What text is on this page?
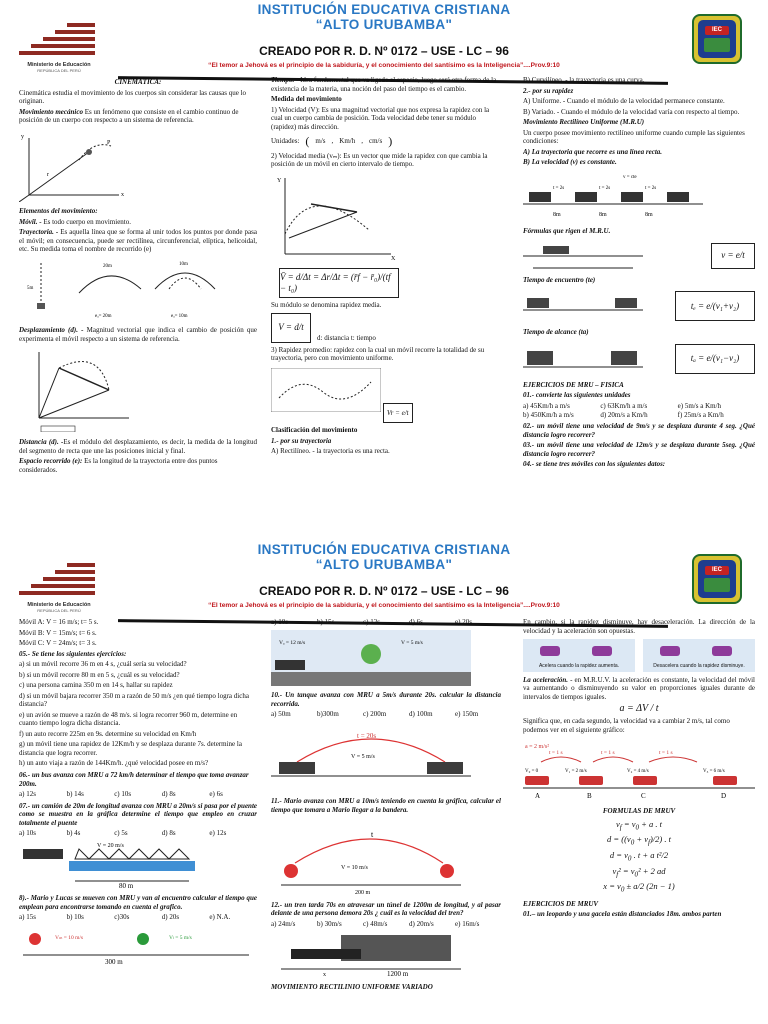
Ministerio de Educación
REPÚBLICA DEL PERÚ
INSTITUCIÓN EDUCATIVA CRISTIANA
“ALTO URUBAMBA"	IEC
CREADO POR R. D. Nº 0172 – USE - LC – 96
“El temor a Jehová es el principio de la sabiduría, y el conocimiento del santísimo es la Inteligencia”....Prov.9:10

CINEMÁTICA:

Cinemática estudia el movimiento de los cuerpos sin considerar las causas que lo originan.

Movimiento mecánico Es un fenómeno que consiste en el cambio continuo de posición de un cuerpo con respecto a un sistema de referencia.

r
y
x
P

Elementos del movimiento:

Móvil. - Es todo cuerpo en movimiento.

Trayectoria. - Es aquella línea que se forma al unir todos los puntos por donde pasa el móvil; en consecuencia, puede ser rectilínea, circunferencial, elíptica, helicoidal, etc. Su medida toma el nombre de recorrido (e)

5m
20m	10m
eₐ= 20m	eₐ= 10m

Desplazamiento (d). - Magnitud vectorial que indica el cambio de posición que experimenta el móvil respecto a un sistema de referencia.

Distancia (d). -Es el módulo del desplazamiento, es decir, la medida de la longitud del segmento de recta que une las posiciones inicial y final.

Espacio recorrido (e): Es la longitud de la trayectoria entre dos puntos considerados.

Tiempo. - Idea fundamental que va ligado al espacio, luego será otra forma de la existencia de la materia, una noción del paso del tiempo es el cambio.

Medida del movimiento

1) Velocidad (V): Es una magnitud vectorial que nos expresa la rapidez con la cual un cuerpo cambia de posición. Toda velocidad debe tener su módulo (rapidez) más dirección.

Unidades: ( m/s , Km/h , cm/s )

2) Velocidad media (vₘ): Es un vector que mide la rapidez con que cambia la posición de un móvil en cierto intervalo de tiempo.

X
Y
V̄ = d/Δt = Δr/Δt = (r̄f − r̄₀)/(tf − t₀)

Su módulo se denomina rapidez media.

V = d/t
d: distancia t: tiempo

3) Rapidez promedio: rapidez con la cual un móvil recorre la totalidad de su trayectoria, pero con movimiento uniforme.

Vr = e/t

Clasificación del movimiento

1.- por su trayectoria

A) Rectilíneo. - la trayectoria es una recta.

B) Curvilíneo. - la trayectoria es una curva.

2.- por su rapidez

A) Uniforme. - Cuando el módulo de la velocidad permanece constante.

B) Variado. - Cuando el módulo de la velocidad varía con respecto al tiempo.

Movimiento Rectilíneo Uniforme (M.R.U)

Un cuerpo posee movimiento rectilíneo uniforme cuando cumple las siguientes condiciones:

A) La trayectoria que recorre es una línea recta.

B) La velocidad (v) es constante.

v = cte
t = 2s	t = 2s	t = 2s
8m	8m	8m

Fórmulas que rigen el M.R.U.

v = e/t

Tiempo de encuentro (te)

tₑ = e/(v₁+v₂)

Tiempo de alcance (ta)

tₐ = e/(v₁−v₂)

EJERCICIOS DE MRU – FISICA

01.- convierte las siguientes unidades

a) 45Km/h a m/s	c) 63Km/h a m/s	e) 5m/s a Km/h
b) 450Km/h a m/s	d) 20m/s a Km/h	f) 25m/s a Km/h

02.- un móvil tiene una velocidad de 9m/s y se desplaza durante 4 seg. ¿Qué distancia logro recorrer?

03.- un móvil tiene una velocidad de 12m/s y se desplaza durante 5seg. ¿Qué distancia logro recorrer?

04.- se tiene tres móviles con los siguientes datos:

Ministerio de Educación
REPÚBLICA DEL PERÚ
INSTITUCIÓN EDUCATIVA CRISTIANA
“ALTO URUBAMBA"	IEC
CREADO POR R. D. Nº 0172 – USE - LC – 96
“El temor a Jehová es el principio de la sabiduría, y el conocimiento del santísimo es la Inteligencia”....Prov.9:10

Móvil A: V = 16 m/s; t= 5 s.

Móvil B: V = 15m/s; t= 6 s.

Móvil C: V = 24m/s; t= 3 s.

05.- Se tiene los siguientes ejercicios:

a) si un móvil recorre 36 m en 4 s, ¿cuál sería su velocidad?

b) si un móvil recorre 80 m en 5 s, ¿cuál es su velocidad?

c) una persona camina 350 m en 14 s, hallar su rapidez

d) si un móvil bajara recorrer 350 m a razón de 50 m/s ¿en qué tiempo logra dicha distancia?

e) un avión se mueve a razón de 48 m/s. si logra recorrer 960 m, determine en cuanto tiempo logra dicha distancia.

f) un auto recorre 225m en 9s. determine su velocidad en Km/h

g) un móvil tiene una rapidez de 12Km/h y se desplaza durante 7s. determine la distancia que logra recorrer.

h) un auto viaja a razón de 144Km/h. ¿qué velocidad posee en m/s?

06.- un bus avanza con MRU a 72 km/h determinar el tiempo que toma avanzar 200m.

a) 12s	b) 14s	c) 10s	d) 8s	e) 6s

07.- un camión de 20m de longitud avanza con MRU a 20m/s si pasa por el puente como se muestra en la gráfica determine el tiempo que empleo en cruzar totalmente el puente

a) 10s	b) 4s	c) 5s	d) 8s	e) 12s
V = 20 m/s
80 m

8).- Mario y Lucas se mueven con MRU y van al encuentro calcular el tiempo que emplean para encontrarse tomando en cuenta el grafico.

a) 15s	b) 10s	c)30s	d) 20s	e) N.A.
Vₘ = 10 m/s	Vₗ = 5 m/s
300 m
a) 10s	b) 15s	c) 12s	d) 6s	e) 20s
Vₐ = 12 m/s	V = 5 m/s

10.- Un tanque avanza con MRU a 5m/s durante 20s. calcular la distancia recorrida.

a) 50m	b)300m	c) 200m	d) 100m	e) 150m
t = 20s
V = 5 m/s

11.- Mario avanza con MRU a 10m/s teniendo en cuenta la gráfica, calcular el tiempo que tomara a Mario llegar a la bandera.

t
V = 10 m/s
200 m

12.- un tren tarda 70s en atravesar un túnel de 1200m de longitud, y al pasar delante de una persona demora 20s ¿ cuál es la velocidad del tren?

a) 24m/s	b) 30m/s	c) 48m/s	d) 20m/s	e) 16m/s
x	1200 m

MOVIMIENTO RECTILINIO UNIFORME VARIADO

En cambio, si la rapidez disminuye, hay desaceleración. La dirección de la velocidad y la aceleración son opuestas.

Acelera cuando la rapidez aumenta.	Desacelera cuando la rapidez disminuye.

La aceleración. - en M.R.U.V. la aceleración es constante, la velocidad del móvil va aumentando o disminuyendo su valor en proporciones iguales durante de intervalos de tiempos iguales.

a = ΔV / t

Significa que, en cada segundo, la velocidad va a cambiar 2 m/s, tal como podemos ver en el siguiente gráfico:

a = 2 m/s²
t = 1 s	t = 1 s	t = 1 s
V₀ = 0	V₁ = 2 m/s	V₂ = 4 m/s	V₃ = 6 m/s
A	B	C	D

FORMULAS DE MRUV

$v_f = v_0 + a$ . t
$d = ((v_0 + v_f)/2)$ . t
$d = v_0$ . t + a t²/2
$v_f^2 = v_0^2 + 2$ ad
$x = v_0 \pm a/2$ (2n − 1)

EJERCICIOS DE MRUV

01.– un leopardo y una gacela están distanciados 18m. ambos parten
